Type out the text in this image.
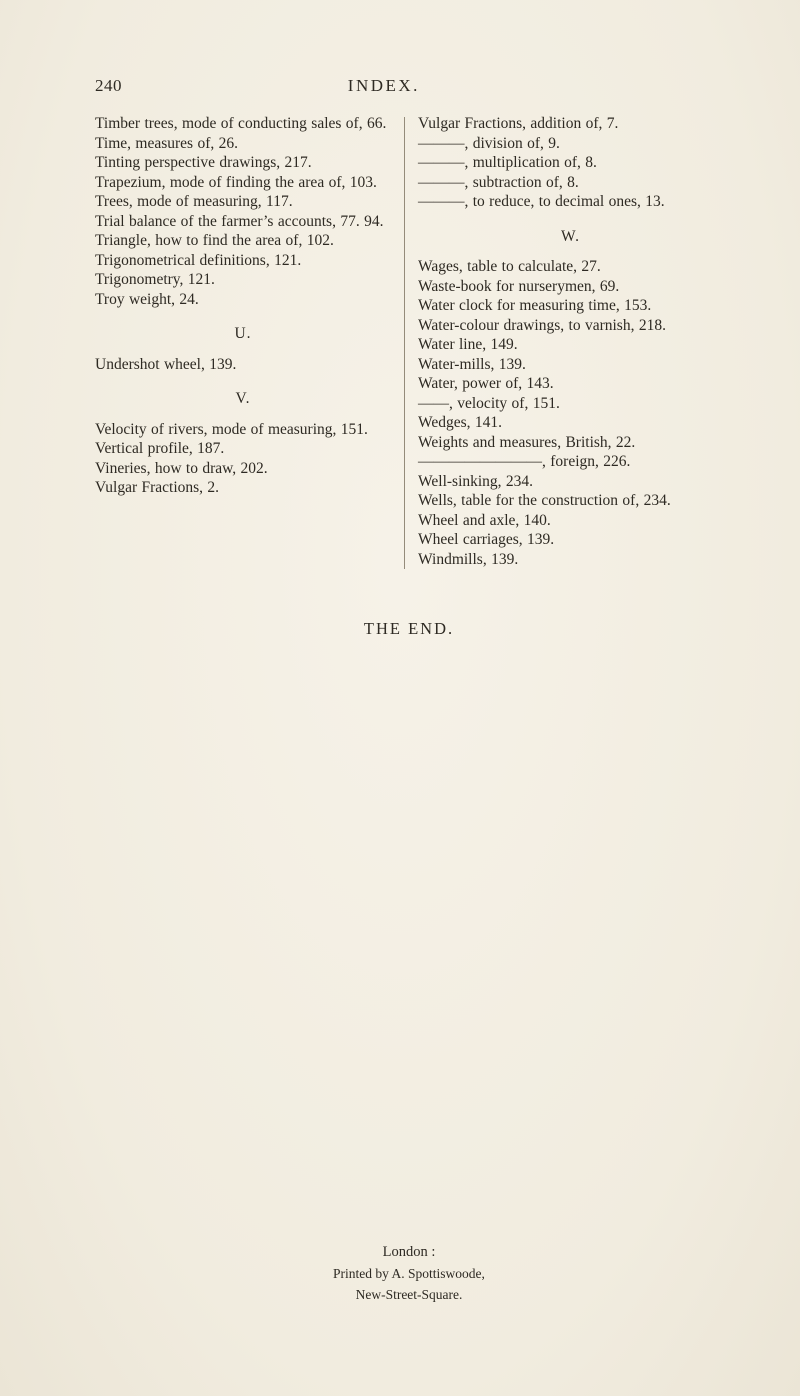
240	INDEX.
Timber trees, mode of conducting sales of, 66.
Time, measures of, 26.
Tinting perspective drawings, 217.
Trapezium, mode of finding the area of, 103.
Trees, mode of measuring, 117.
Trial balance of the farmer’s accounts, 77. 94.
Triangle, how to find the area of, 102.
Trigonometrical definitions, 121.
Trigonometry, 121.
Troy weight, 24.
U.
Undershot wheel, 139.
V.
Velocity of rivers, mode of measuring, 151.
Vertical profile, 187.
Vineries, how to draw, 202.
Vulgar Fractions, 2.
Vulgar Fractions, addition of, 7.
———, division of, 9.
———, multiplication of, 8.
———, subtraction of, 8.
———, to reduce, to decimal ones, 13.
W.
Wages, table to calculate, 27.
Waste-book for nurserymen, 69.
Water clock for measuring time, 153.
Water-colour drawings, to varnish, 218.
Water line, 149.
Water-mills, 139.
Water, power of, 143.
——, velocity of, 151.
Wedges, 141.
Weights and measures, British, 22.
————————, foreign, 226.
Well-sinking, 234.
Wells, table for the construction of, 234.
Wheel and axle, 140.
Wheel carriages, 139.
Windmills, 139.
THE END.
London :
Printed by A. Spottiswoode,
New-Street-Square.
